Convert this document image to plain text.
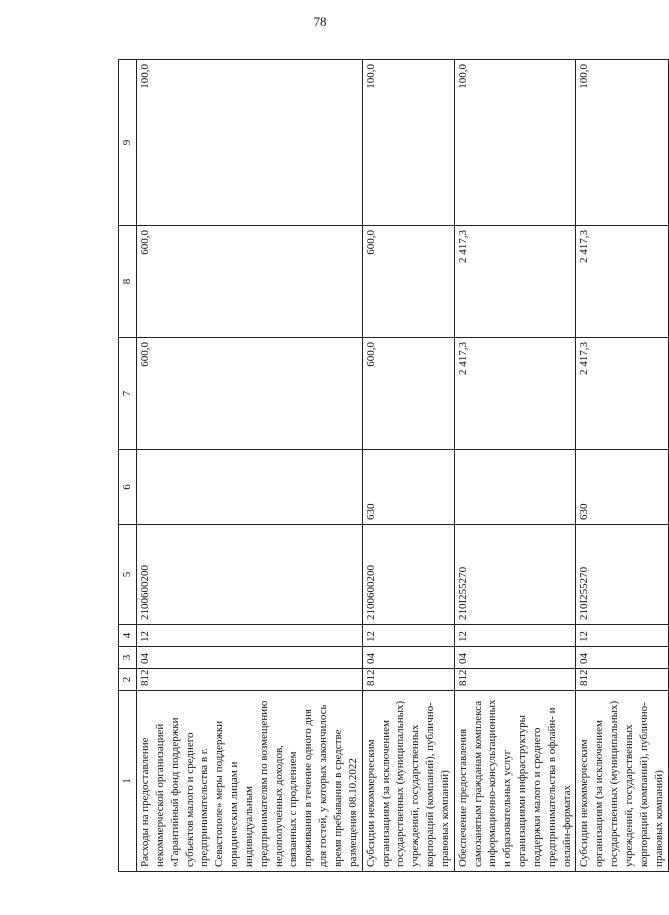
78
1	2	3	4	5	6	7	8	9
Расходы на предоставление некоммерческой организацией «Гарантийный фонд поддержки субъектов малого и среднего предпринимательства в г. Севастополе» меры поддержки юридическим лицам и индивидуальным предпринимателям по возмещению недополученных доходов, связанных с продлением проживания в течение одного дня для гостей, у которых закончилось время пребывания в средстве размещения 08.10.2022	812	04	12	2100600200		600,0	600,0	100,0
Субсидии некоммерческим организациям (за исключением государственных (муниципальных) учреждений, государственных корпораций (компаний), публично-правовых компаний)	812	04	12	2100600200	630	600,0	600,0	100,0
Обеспечение предоставления самозанятым гражданам комплекса информационно-консультационных и образовательных услуг организациями инфраструктуры поддержки малого и среднего предпринимательства в офлайн- и онлайн-форматах	812	04	12	210I255270		2 417,3	2 417,3	100,0
Субсидии некоммерческим организациям (за исключением государственных (муниципальных) учреждений, государственных корпораций (компаний), публично-правовых компаний)	812	04	12	210I255270	630	2 417,3	2 417,3	100,0
